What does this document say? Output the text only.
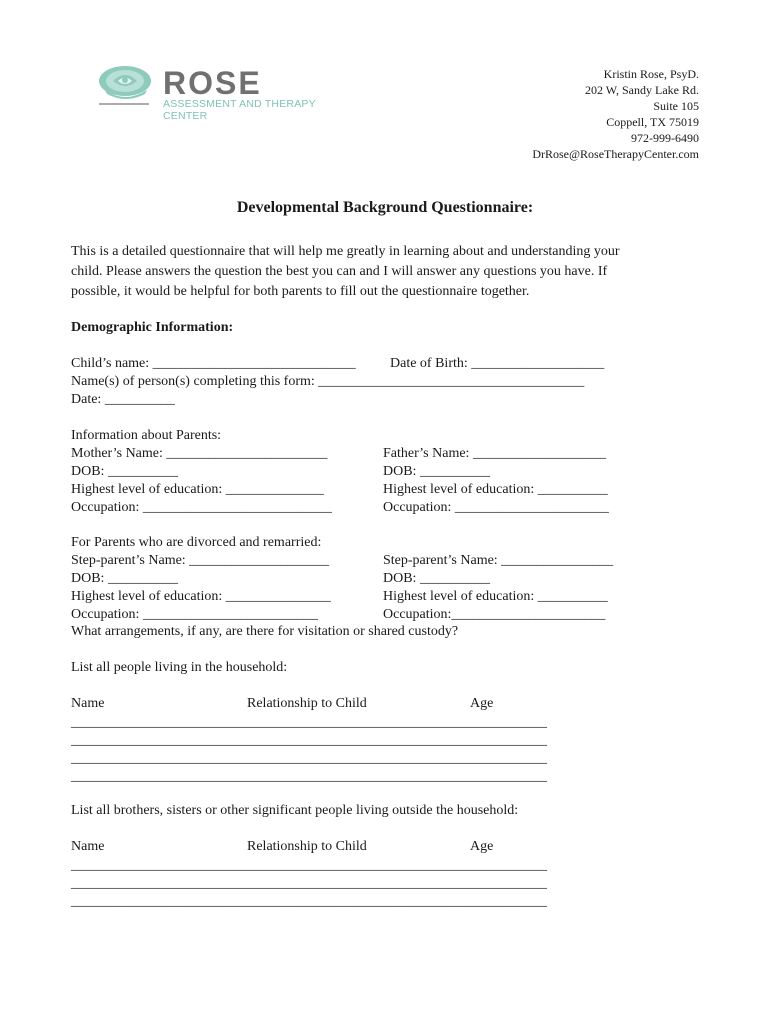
ROSE
ASSESSMENT AND THERAPY CENTER
Kristin Rose, PsyD.
202 W, Sandy Lake Rd.
Suite 105
Coppell, TX 75019
972-999-6490
DrRose@RoseTherapyCenter.com
Developmental Background Questionnaire:
This is a detailed questionnaire that will help me greatly in learning about and understanding your
child. Please answers the question the best you can and I will answer any questions you have. If
possible, it would be helpful for both parents to fill out the questionnaire together.
Demographic Information:
Child’s name: _____________________________ Date of Birth: ___________________
Name(s) of person(s) completing this form: ______________________________________
Date: __________
Information about Parents:
Mother’s Name: _______________________	Father’s Name: ___________________
DOB: __________	DOB: __________
Highest level of education: ______________	Highest level of education: __________
Occupation: ___________________________	Occupation: ______________________
For Parents who are divorced and remarried:
Step-parent’s Name: ____________________	Step-parent’s Name: ________________
DOB: __________	DOB: __________
Highest level of education: _______________	Highest level of education: __________
Occupation: _________________________	Occupation:______________________
What arrangements, if any, are there for visitation or shared custody?
List all people living in the household:
Name	Relationship to Child	Age
____________________________________________________________________
____________________________________________________________________
____________________________________________________________________
____________________________________________________________________
List all brothers, sisters or other significant people living outside the household:
Name	Relationship to Child	Age
____________________________________________________________________
____________________________________________________________________
____________________________________________________________________
